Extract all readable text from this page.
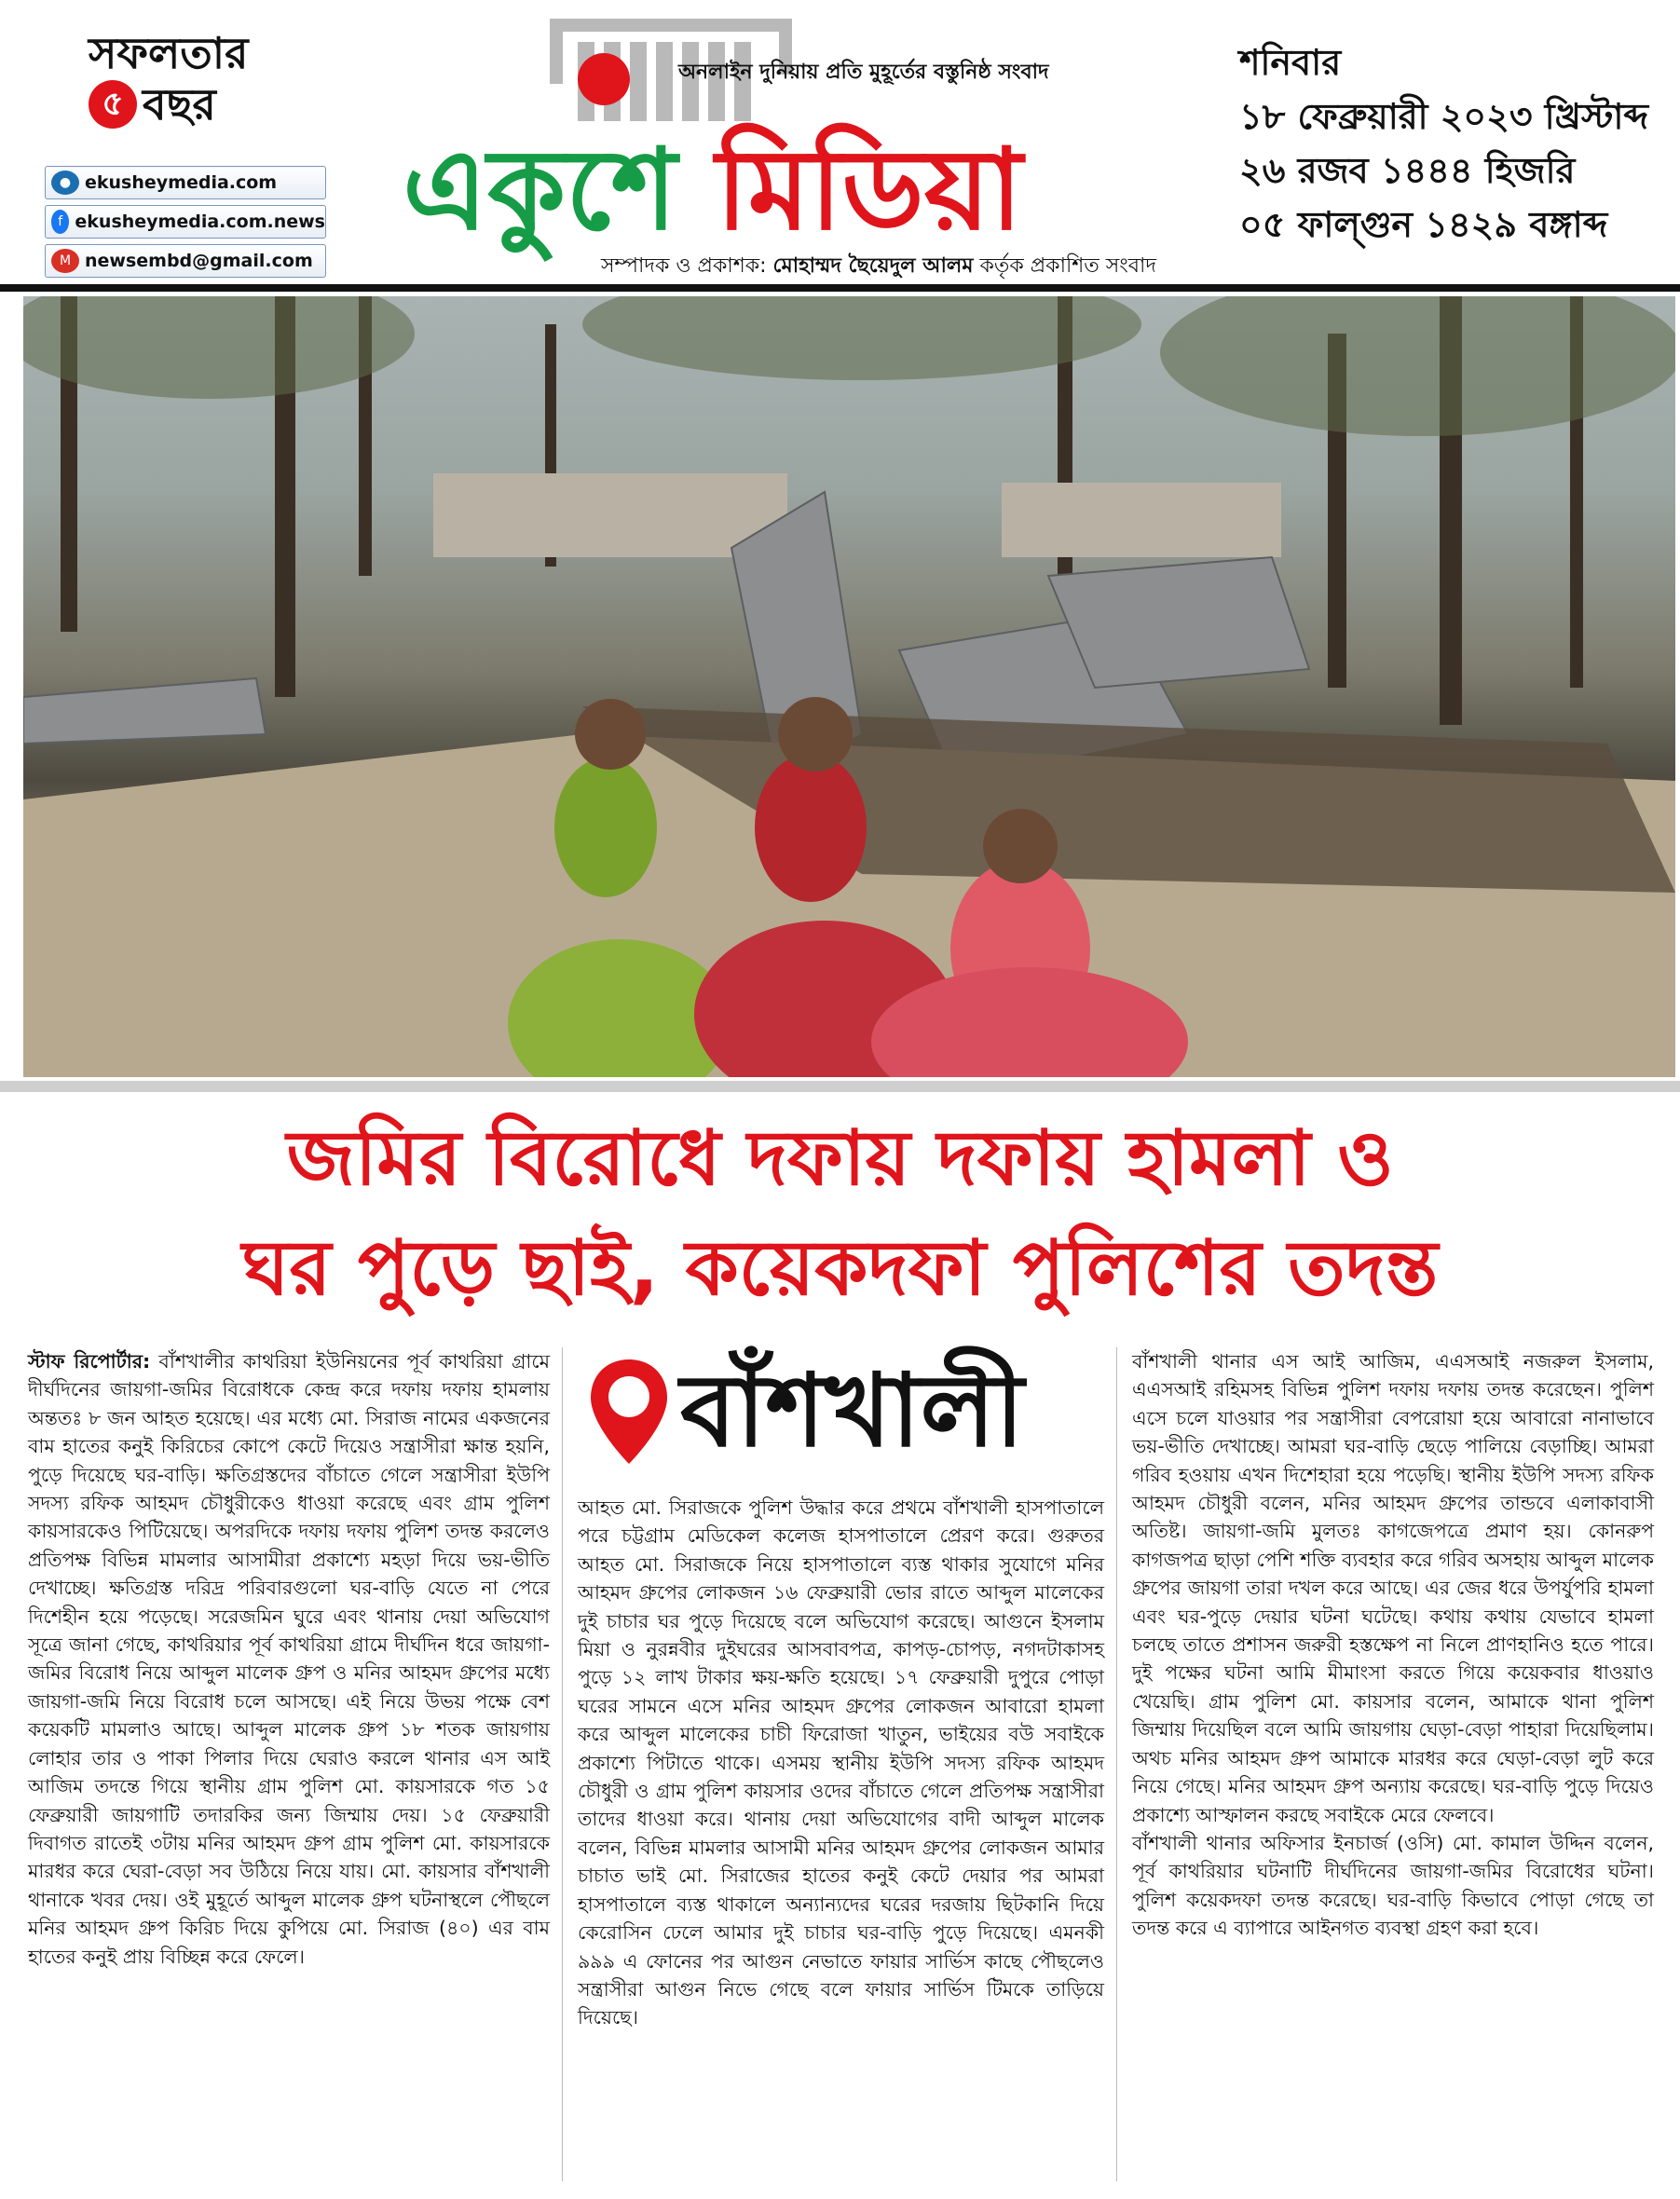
সফলতার
৫ বছর
● ekusheymedia.com
f ekusheymedia.com.news
M newsembd@gmail.com
অনলাইন দুনিয়ায় প্রতি মুহূর্তের বস্তুনিষ্ঠ সংবাদ
একুশে মিডিয়া
সম্পাদক ও প্রকাশক: মোহাম্মদ ছৈয়েদুল আলম কর্তৃক প্রকাশিত সংবাদ
শনিবার
১৮ ফেব্রুয়ারী ২০২৩ খ্রিস্টাব্দ
২৬ রজব ১৪৪৪ হিজরি
০৫ ফাল্গুন ১৪২৯ বঙ্গাব্দ
জমির বিরোধে দফায় দফায় হামলা ও
ঘর পুড়ে ছাই, কয়েকদফা পুলিশের তদন্ত

স্টাফ রিপোর্টার: বাঁশখালীর কাথরিয়া ইউনিয়নের পূর্ব কাথরিয়া গ্রামে দীর্ঘদিনের জায়গা-জমির বিরোধকে কেন্দ্র করে দফায় দফায় হামলায় অন্ততঃ ৮ জন আহত হয়েছে। এর মধ্যে মো. সিরাজ নামের একজনের বাম হাতের কনুই কিরিচের কোপে কেটে দিয়েও সন্ত্রাসীরা ক্ষান্ত হয়নি, পুড়ে দিয়েছে ঘর-বাড়ি। ক্ষতিগ্রস্তদের বাঁচাতে গেলে সন্ত্রাসীরা ইউপি সদস্য রফিক আহমদ চৌধুরীকেও ধাওয়া করেছে এবং গ্রাম পুলিশ কায়সারকেও পিটিয়েছে। অপরদিকে দফায় দফায় পুলিশ তদন্ত করলেও প্রতিপক্ষ বিভিন্ন মামলার আসামীরা প্রকাশ্যে মহড়া দিয়ে ভয়-ভীতি দেখাচ্ছে। ক্ষতিগ্রস্ত দরিদ্র পরিবারগুলো ঘর-বাড়ি যেতে না পেরে দিশেহীন হয়ে পড়েছে। সরেজমিন ঘুরে এবং থানায় দেয়া অভিযোগ সূত্রে জানা গেছে, কাথরিয়ার পূর্ব কাথরিয়া গ্রামে দীর্ঘদিন ধরে জায়গা-জমির বিরোধ নিয়ে আব্দুল মালেক গ্রুপ ও মনির আহমদ গ্রুপের মধ্যে জায়গা-জমি নিয়ে বিরোধ চলে আসছে। এই নিয়ে উভয় পক্ষে বেশ কয়েকটি মামলাও আছে। আব্দুল মালেক গ্রুপ ১৮ শতক জায়গায় লোহার তার ও পাকা পিলার দিয়ে ঘেরাও করলে থানার এস আই আজিম তদন্তে গিয়ে স্থানীয় গ্রাম পুলিশ মো. কায়সারকে গত ১৫ ফেব্রুয়ারী জায়গাটি তদারকির জন্য জিম্মায় দেয়। ১৫ ফেব্রুয়ারী দিবাগত রাতেই ৩টায় মনির আহমদ গ্রুপ গ্রাম পুলিশ মো. কায়সারকে মারধর করে ঘেরা-বেড়া সব উঠিয়ে নিয়ে যায়। মো. কায়সার বাঁশখালী থানাকে খবর দেয়। ওই মুহূর্তে আব্দুল মালেক গ্রুপ ঘটনাস্থলে পৌছলে মনির আহমদ গ্রুপ কিরিচ দিয়ে কুপিয়ে মো. সিরাজ (৪০) এর বাম হাতের কনুই প্রায় বিচ্ছিন্ন করে ফেলে।

বাঁশখালী

আহত মো. সিরাজকে পুলিশ উদ্ধার করে প্রথমে বাঁশখালী হাসপাতালে পরে চট্টগ্রাম মেডিকেল কলেজ হাসপাতালে প্রেরণ করে। গুরুতর আহত মো. সিরাজকে নিয়ে হাসপাতালে ব্যস্ত থাকার সুযোগে মনির আহমদ গ্রুপের লোকজন ১৬ ফেব্রুয়ারী ভোর রাতে আব্দুল মালেকের দুই চাচার ঘর পুড়ে দিয়েছে বলে অভিযোগ করেছে। আগুনে ইসলাম মিয়া ও নুরন্নবীর দুইঘরের আসবাবপত্র, কাপড়-চোপড়, নগদটাকাসহ পুড়ে ১২ লাখ টাকার ক্ষয়-ক্ষতি হয়েছে। ১৭ ফেব্রুয়ারী দুপুরে পোড়া ঘরের সামনে এসে মনির আহমদ গ্রুপের লোকজন আবারো হামলা করে আব্দুল মালেকের চাচী ফিরোজা খাতুন, ভাইয়ের বউ সবাইকে প্রকাশ্যে পিটাতে থাকে। এসময় স্থানীয় ইউপি সদস্য রফিক আহমদ চৌধুরী ও গ্রাম পুলিশ কায়সার ওদের বাঁচাতে গেলে প্রতিপক্ষ সন্ত্রাসীরা তাদের ধাওয়া করে। থানায় দেয়া অভিযোগের বাদী আব্দুল মালেক বলেন, বিভিন্ন মামলার আসামী মনির আহমদ গ্রুপের লোকজন আমার চাচাত ভাই মো. সিরাজের হাতের কনুই কেটে দেয়ার পর আমরা হাসপাতালে ব্যস্ত থাকালে অন্যান্যদের ঘরের দরজায় ছিটকানি দিয়ে কেরোসিন ঢেলে আমার দুই চাচার ঘর-বাড়ি পুড়ে দিয়েছে। এমনকী ৯৯৯ এ ফোনের পর আগুন নেভাতে ফায়ার সার্ভিস কাছে পৌছলেও সন্ত্রাসীরা আগুন নিভে গেছে বলে ফায়ার সার্ভিস টিমকে তাড়িয়ে দিয়েছে।

বাঁশখালী থানার এস আই আজিম, এএসআই নজরুল ইসলাম, এএসআই রহিমসহ বিভিন্ন পুলিশ দফায় দফায় তদন্ত করেছেন। পুলিশ এসে চলে যাওয়ার পর সন্ত্রাসীরা বেপরোয়া হয়ে আবারো নানাভাবে ভয়-ভীতি দেখাচ্ছে। আমরা ঘর-বাড়ি ছেড়ে পালিয়ে বেড়াচ্ছি। আমরা গরিব হওয়ায় এখন দিশেহারা হয়ে পড়েছি। স্থানীয় ইউপি সদস্য রফিক আহমদ চৌধুরী বলেন, মনির আহমদ গ্রুপের তান্ডবে এলাকাবাসী অতিষ্ট। জায়গা-জমি মুলতঃ কাগজেপত্রে প্রমাণ হয়। কোনরুপ কাগজপত্র ছাড়া পেশি শক্তি ব্যবহার করে গরিব অসহায় আব্দুল মালেক গ্রুপের জায়গা তারা দখল করে আছে। এর জের ধরে উপর্যুপরি হামলা এবং ঘর-পুড়ে দেয়ার ঘটনা ঘটেছে। কথায় কথায় যেভাবে হামলা চলছে তাতে প্রশাসন জরুরী হস্তক্ষেপ না নিলে প্রাণহানিও হতে পারে। দুই পক্ষের ঘটনা আমি মীমাংসা করতে গিয়ে কয়েকবার ধাওয়াও খেয়েছি। গ্রাম পুলিশ মো. কায়সার বলেন, আমাকে থানা পুলিশ জিম্মায় দিয়েছিল বলে আমি জায়গায় ঘেড়া-বেড়া পাহারা দিয়েছিলাম। অথচ মনির আহমদ গ্রুপ আমাকে মারধর করে ঘেড়া-বেড়া লুট করে নিয়ে গেছে। মনির আহমদ গ্রুপ অন্যায় করেছে। ঘর-বাড়ি পুড়ে দিয়েও প্রকাশ্যে আস্ফালন করছে সবাইকে মেরে ফেলবে।

বাঁশখালী থানার অফিসার ইনচার্জ (ওসি) মো. কামাল উদ্দিন বলেন, পূর্ব কাথরিয়ার ঘটনাটি দীর্ঘদিনের জায়গা-জমির বিরোধের ঘটনা। পুলিশ কয়েকদফা তদন্ত করেছে। ঘর-বাড়ি কিভাবে পোড়া গেছে তা তদন্ত করে এ ব্যাপারে আইনগত ব্যবস্থা গ্রহণ করা হবে।
